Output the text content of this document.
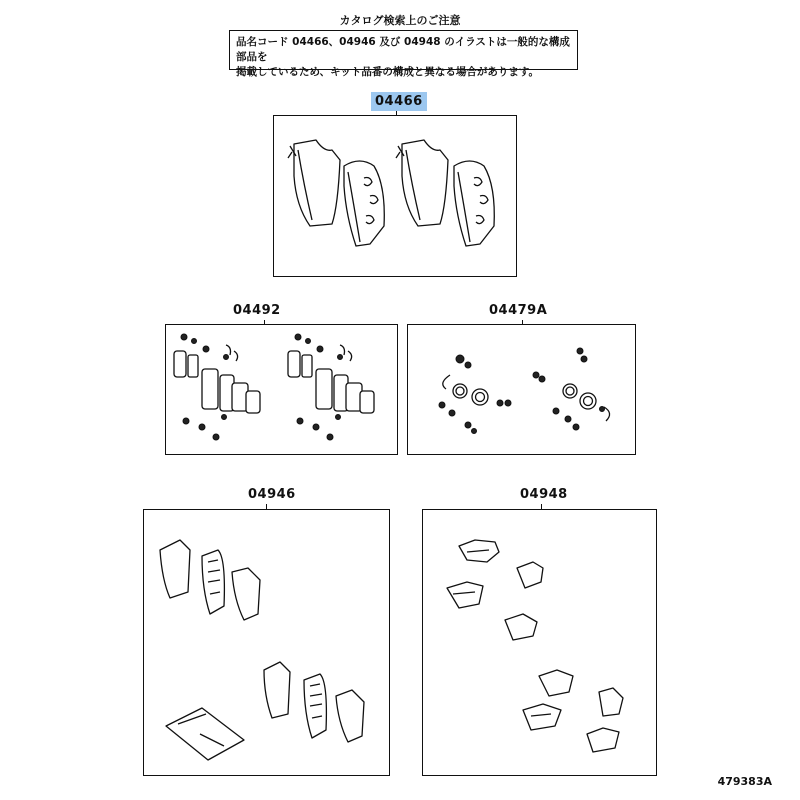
カタログ検索上のご注意
品名コード 04466、04946 及び 04948 のイラストは一般的な構成部品を
掲載しているため、キット品番の構成と異なる場合があります。
04466
04492	04479A
04946	04948
479383A
